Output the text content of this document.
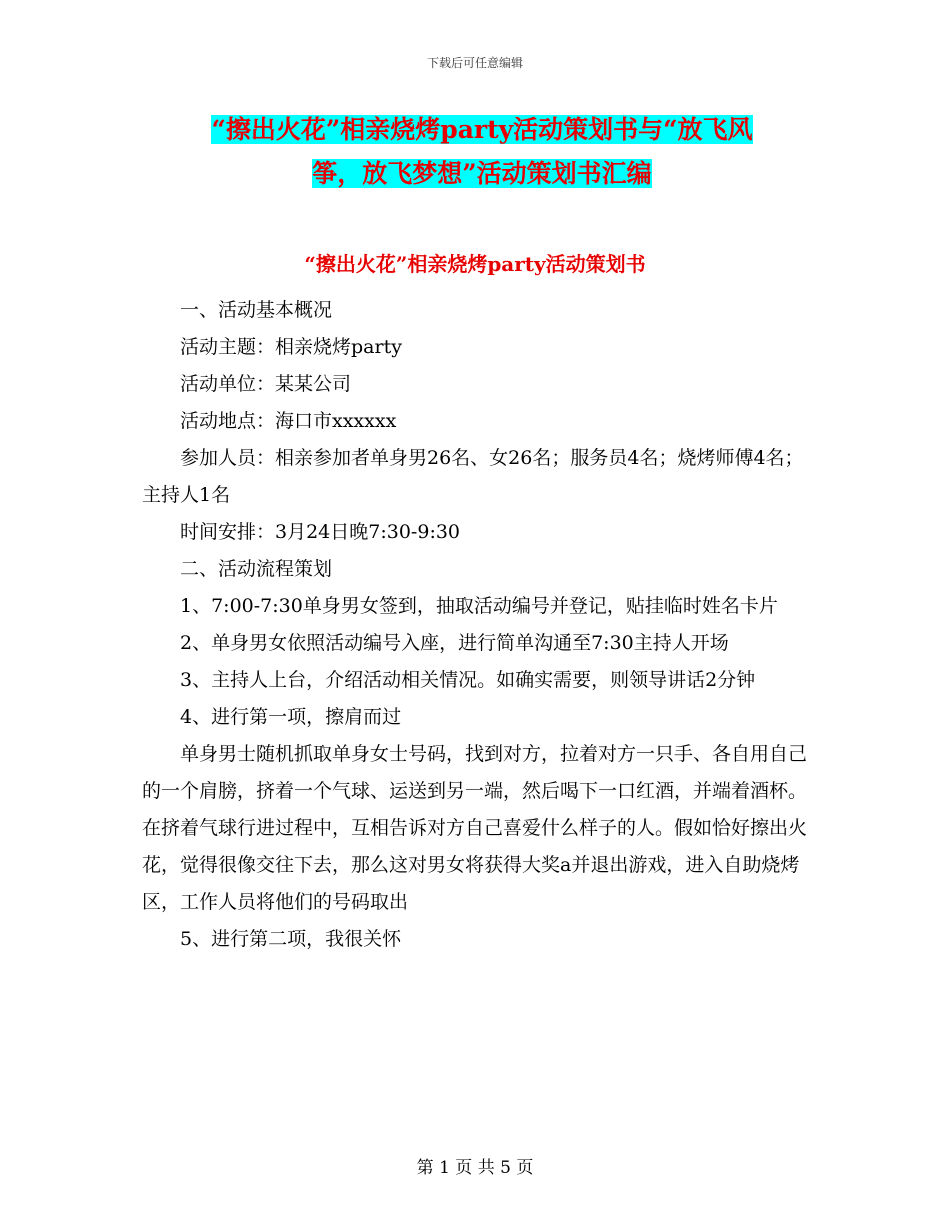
下载后可任意编辑
“擦出火花”相亲烧烤party活动策划书与“放飞风
筝，放飞梦想”活动策划书汇编
“擦出火花”相亲烧烤party活动策划书

一、活动基本概况

活动主题：相亲烧烤party

活动单位：某某公司

活动地点：海口市xxxxxx

参加人员：相亲参加者单身男26名、女26名；服务员4名；烧烤师傅4名；主持人1名

时间安排：3月24日晚7:30-9:30

二、活动流程策划

1、7:00-7:30单身男女签到，抽取活动编号并登记，贴挂临时姓名卡片

2、单身男女依照活动编号入座，进行简单沟通至7:30主持人开场

3、主持人上台，介绍活动相关情况。如确实需要，则领导讲话2分钟

4、进行第一项，擦肩而过

单身男士随机抓取单身女士号码，找到对方，拉着对方一只手、各自用自己的一个肩膀，挤着一个气球、运送到另一端，然后喝下一口红酒，并端着酒杯。在挤着气球行进过程中，互相告诉对方自己喜爱什么样子的人。假如恰好擦出火花，觉得很像交往下去，那么这对男女将获得大奖a并退出游戏，进入自助烧烤区，工作人员将他们的号码取出

5、进行第二项，我很关怀

第 1 页 共 5 页
